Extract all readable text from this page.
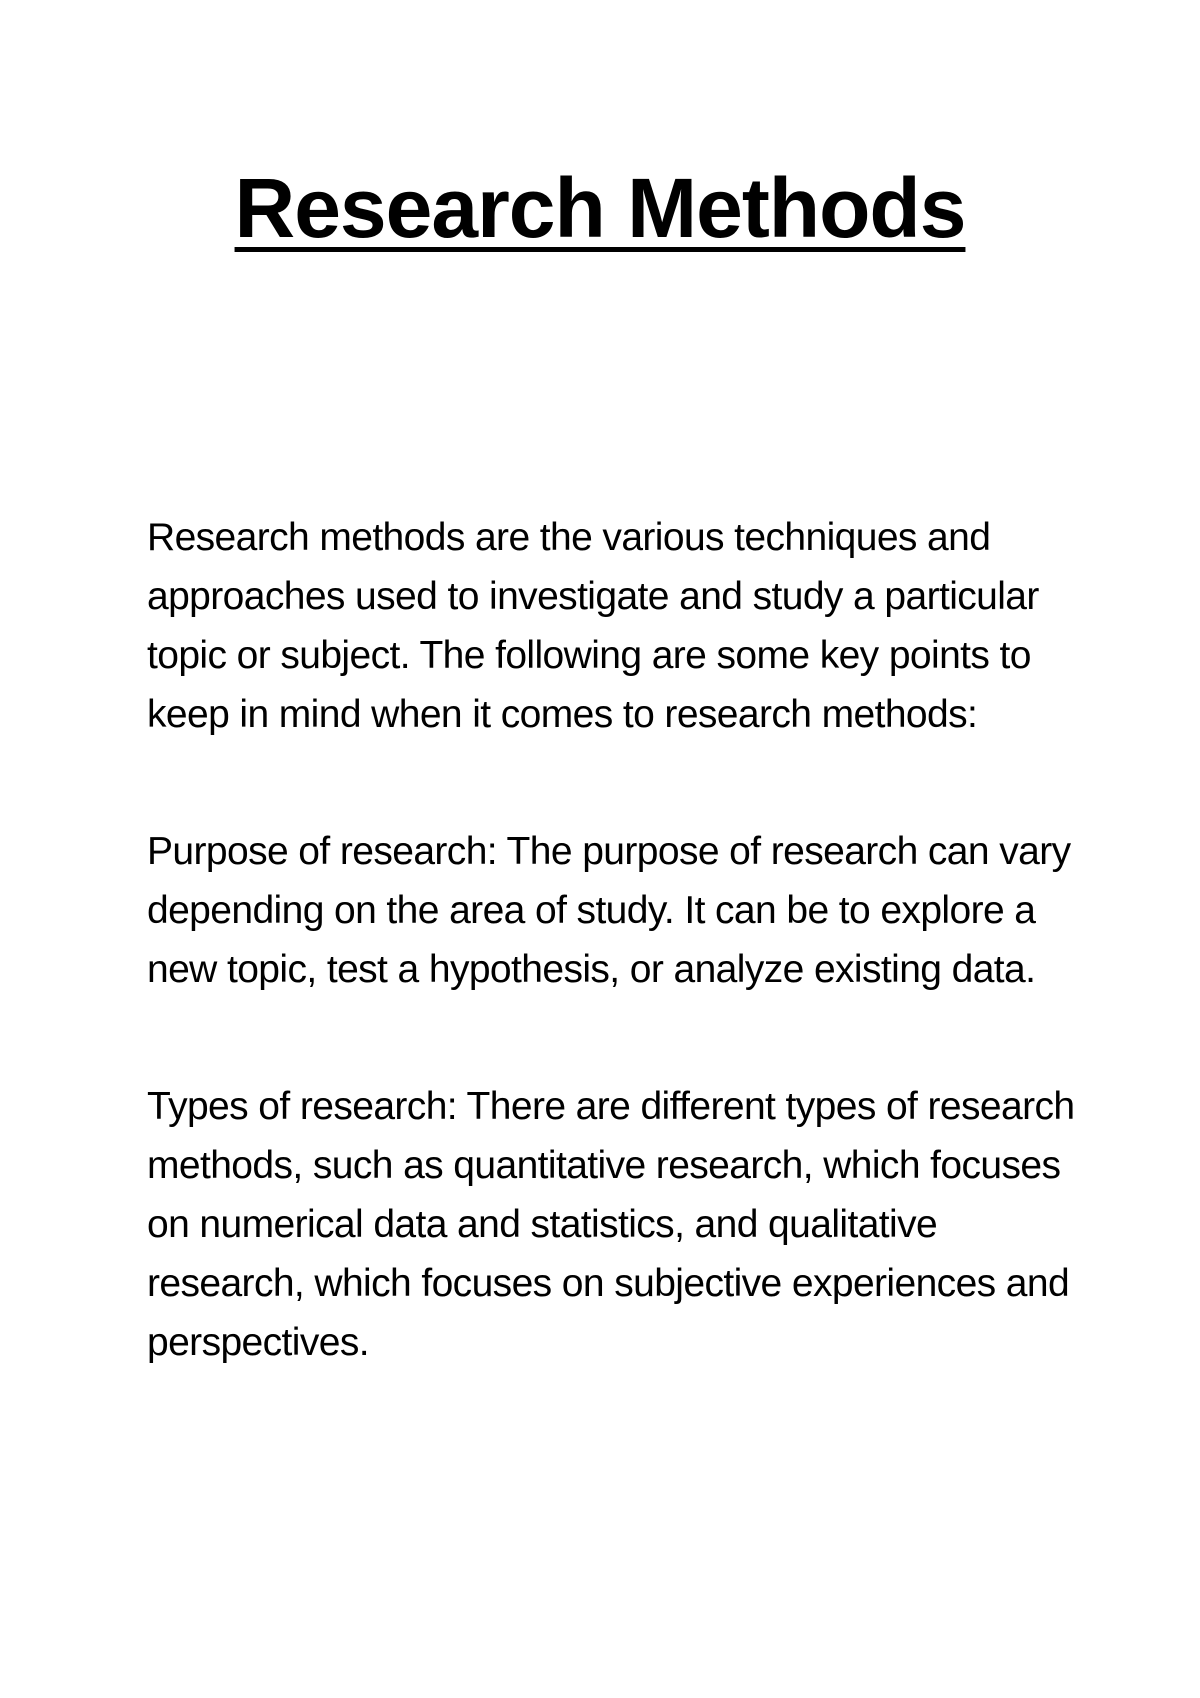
Research Methods

Research methods are the various techniques and approaches used to investigate and study a particular topic or subject. The following are some key points to keep in mind when it comes to research methods:

Purpose of research: The purpose of research can vary depending on the area of study. It can be to explore a new topic, test a hypothesis, or analyze existing data.

Types of research: There are different types of research methods, such as quantitative research, which focuses on numerical data and statistics, and qualitative research, which focuses on subjective experiences and perspectives.
